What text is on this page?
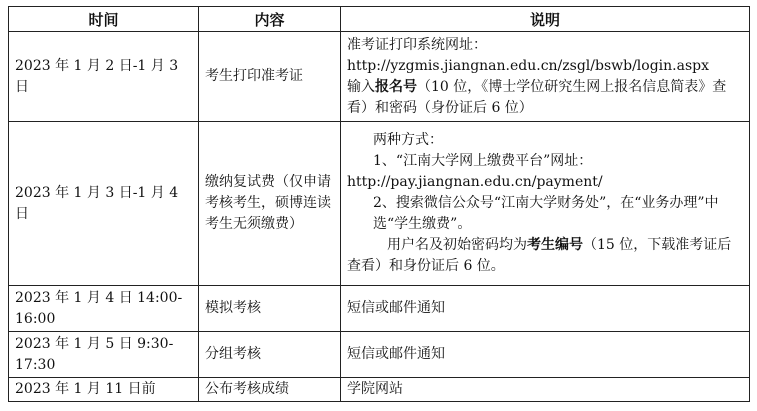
时间	内容	说明
2023 年 1 月 2 日-1 月 3 日	考生打印准考证	准考证打印系统网址：
http://yzgmis.jiangnan.edu.cn/zsgl/bswb/login.aspx
输入报名号（10 位，《博士学位研究生网上报名信息简表》查看）和密码（身份证后 6 位）

2023 年 1 月 3 日-1 月 4 日	缴纳复试费（仅申请考核考生，硕博连读考生无须缴费）	两种方式：
1、“江南大学网上缴费平台”网址：
http://pay.jiangnan.edu.cn/payment/
2、搜索微信公众号“江南大学财务处”，在“业务办理”中选“学生缴费”。
用户名及初始密码均为考生编号（15 位，下载准考证后查看）和身份证后 6 位。

2023 年 1 月 4 日 14:00-16:00	模拟考核	短信或邮件通知
2023 年 1 月 5 日 9:30-17:30	分组考核	短信或邮件通知
2023 年 1 月 11 日前	公布考核成绩	学院网站
